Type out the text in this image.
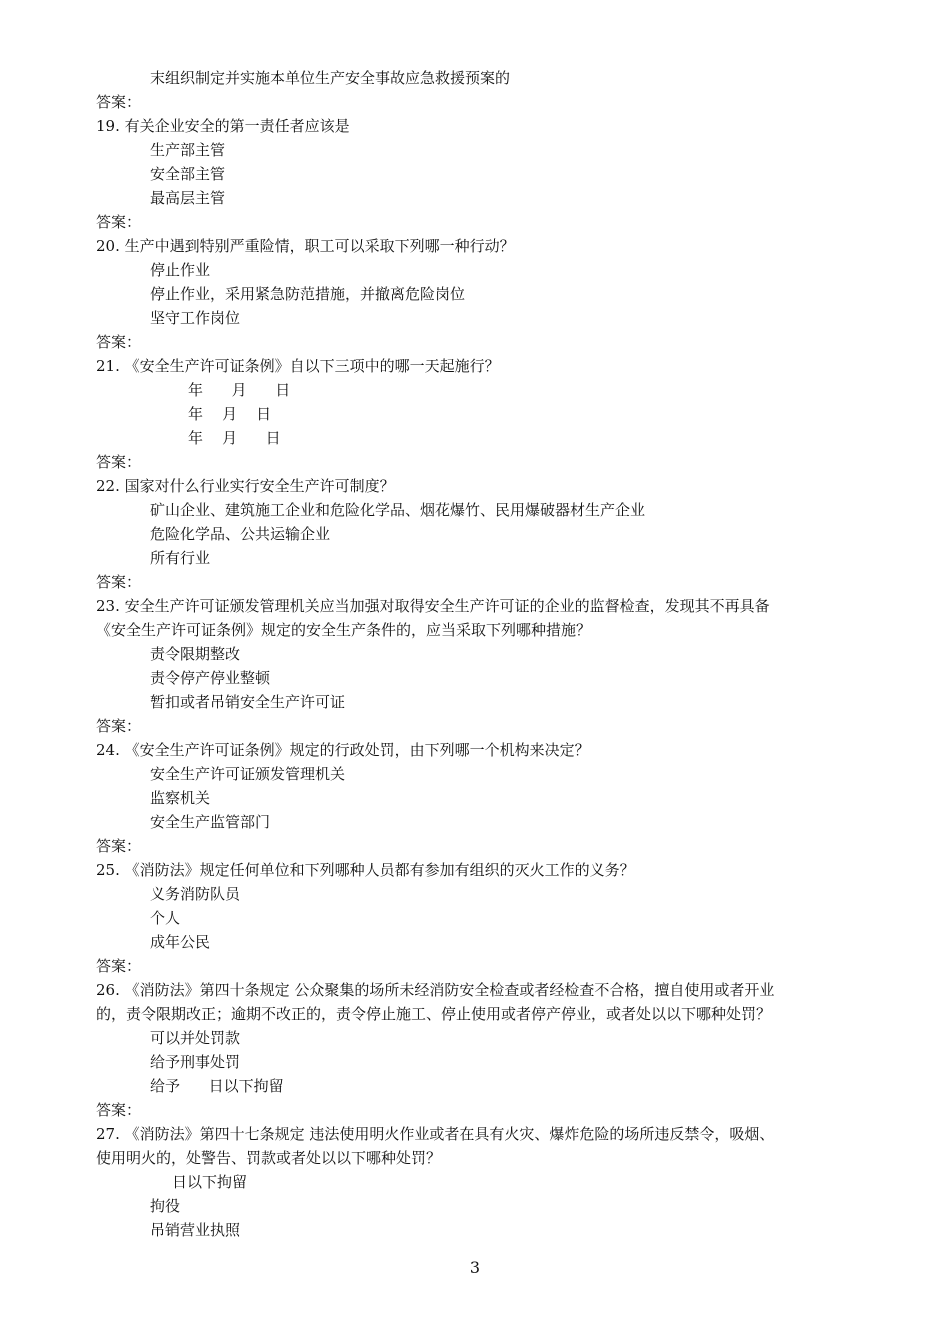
末组织制定并实施本单位生产安全事故应急救援预案的
答案：
19. 有关企业安全的第一责任者应该是
生产部主管
安全部主管
最高层主管
答案：
20. 生产中遇到特别严重险情，职工可以采取下列哪一种行动？
停止作业
停止作业，采用紧急防范措施，并撤离危险岗位
坚守工作岗位
答案：
21. 《安全生产许可证条例》自以下三项中的哪一天起施行？
年      月      日
年    月    日
年    月      日
答案：
22. 国家对什么行业实行安全生产许可制度？
矿山企业、建筑施工企业和危险化学品、烟花爆竹、民用爆破器材生产企业
危险化学品、公共运输企业
所有行业
答案：
23. 安全生产许可证颁发管理机关应当加强对取得安全生产许可证的企业的监督检查，发现其不再具备
《安全生产许可证条例》规定的安全生产条件的，应当采取下列哪种措施？
责令限期整改
责令停产停业整顿
暂扣或者吊销安全生产许可证
答案：
24. 《安全生产许可证条例》规定的行政处罚，由下列哪一个机构来决定？
安全生产许可证颁发管理机关
监察机关
安全生产监管部门
答案：
25. 《消防法》规定任何单位和下列哪种人员都有参加有组织的灭火工作的义务？
义务消防队员
个人
成年公民
答案：
26. 《消防法》第四十条规定 公众聚集的场所未经消防安全检查或者经检查不合格，擅自使用或者开业
的，责令限期改正；逾期不改正的，责令停止施工、停止使用或者停产停业，或者处以以下哪种处罚？
可以并处罚款
给予刑事处罚
给予      日以下拘留
答案：
27. 《消防法》第四十七条规定 违法使用明火作业或者在具有火灾、爆炸危险的场所违反禁令，吸烟、
使用明火的，处警告、罚款或者处以以下哪种处罚？
日以下拘留
拘役
吊销营业执照
3
